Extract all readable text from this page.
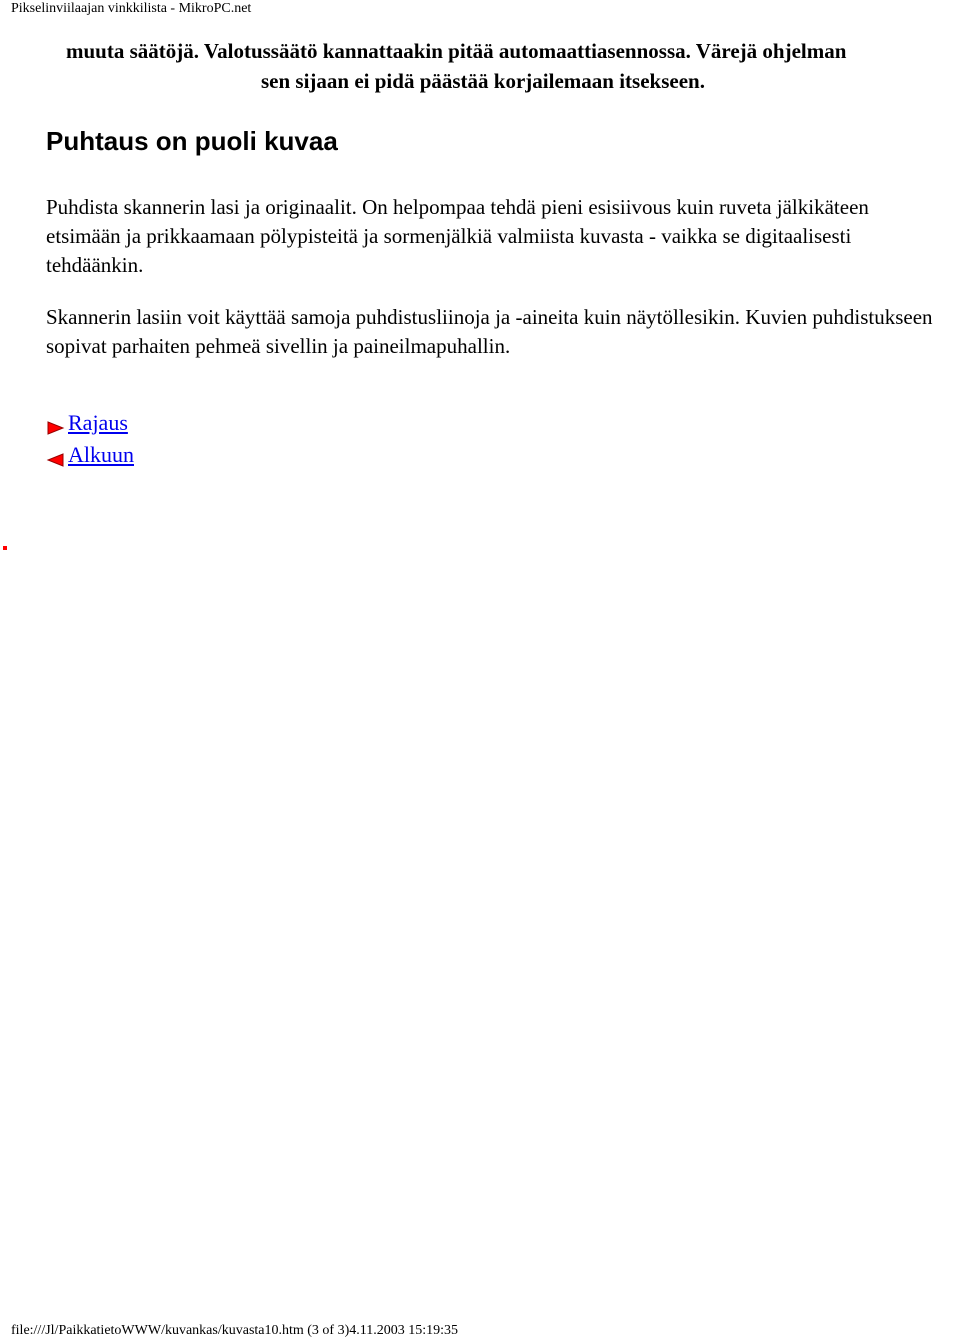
Pikselinviilaajan vinkkilista - MikroPC.net
muuta säätöjä. Valotussäätö kannattaakin pitää automaattiasennossa. Värejä ohjelman
sen sijaan ei pidä päästää korjailemaan itsekseen.
Puhtaus on puoli kuvaa
Puhdista skannerin lasi ja originaalit. On helpompaa tehdä pieni esisiivous kuin ruveta jälkikäteen etsimään ja prikkaamaan pölypisteitä ja sormenjälkiä valmiista kuvasta - vaikka se digitaalisesti tehdäänkin.
Skannerin lasiin voit käyttää samoja puhdistusliinoja ja -aineita kuin näytöllesikin. Kuvien puhdistukseen sopivat parhaiten pehmeä sivellin ja paineilmapuhallin.
Rajaus
Alkuun
file:///Jl/PaikkatietoWWW/kuvankas/kuvasta10.htm (3 of 3)4.11.2003 15:19:35
